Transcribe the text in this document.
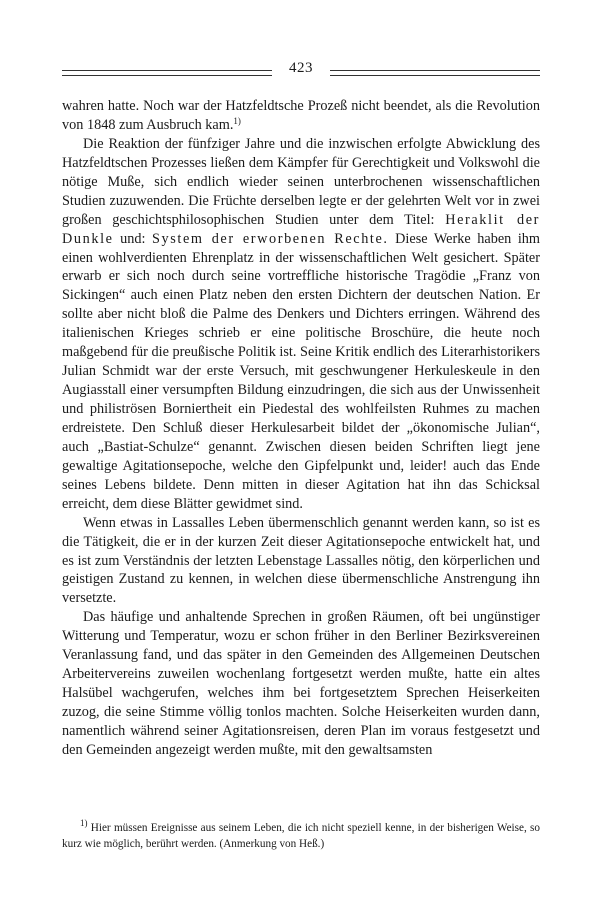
423

wahren hatte. Noch war der Hatzfeldtsche Prozeß nicht beendet, als die Revolution von 1848 zum Ausbruch kam.$^{1)}$

Die Reaktion der fünfziger Jahre und die inzwischen erfolgte Abwicklung des Hatzfeldtschen Prozesses ließen dem Kämpfer für Gerechtigkeit und Volkswohl die nötige Muße, sich endlich wieder seinen unterbrochenen wissenschaftlichen Studien zuzuwenden. Die Früchte derselben legte er der gelehrten Welt vor in zwei großen geschichtsphilosophischen Studien unter dem Titel: Heraklit der Dunkle und: System der erworbenen Rechte. Diese Werke haben ihm einen wohlverdienten Ehrenplatz in der wissenschaftlichen Welt gesichert. Später erwarb er sich noch durch seine vortreffliche historische Tragödie „Franz von Sickingen“ auch einen Platz neben den ersten Dichtern der deutschen Nation. Er sollte aber nicht bloß die Palme des Denkers und Dichters erringen. Während des italienischen Krieges schrieb er eine politische Broschüre, die heute noch maßgebend für die preußische Politik ist. Seine Kritik endlich des Literarhistorikers Julian Schmidt war der erste Versuch, mit geschwungener Herkuleskeule in den Augiasstall einer versumpften Bildung einzudringen, die sich aus der Unwissenheit und philiströsen Borniertheit ein Piedestal des wohlfeilsten Ruhmes zu machen erdreistete. Den Schluß dieser Herkulesarbeit bildet der „ökonomische Julian“, auch „Bastiat-Schulze“ genannt. Zwischen diesen beiden Schriften liegt jene gewaltige Agitationsepoche, welche den Gipfelpunkt und, leider! auch das Ende seines Lebens bildete. Denn mitten in dieser Agitation hat ihn das Schicksal erreicht, dem diese Blätter gewidmet sind.

Wenn etwas in Lassalles Leben übermenschlich genannt werden kann, so ist es die Tätigkeit, die er in der kurzen Zeit dieser Agitationsepoche entwickelt hat, und es ist zum Verständnis der letzten Lebenstage Lassalles nötig, den körperlichen und geistigen Zustand zu kennen, in welchen diese übermenschliche Anstrengung ihn versetzte.

Das häufige und anhaltende Sprechen in großen Räumen, oft bei ungünstiger Witterung und Temperatur, wozu er schon früher in den Berliner Bezirksvereinen Veranlassung fand, und das später in den Gemeinden des Allgemeinen Deutschen Arbeitervereins zuweilen wochenlang fortgesetzt werden mußte, hatte ein altes Halsübel wachgerufen, welches ihm bei fortgesetztem Sprechen Heiserkeiten zuzog, die seine Stimme völlig tonlos machten. Solche Heiserkeiten wurden dann, namentlich während seiner Agitationsreisen, deren Plan im voraus festgesetzt und den Gemeinden angezeigt werden mußte, mit den gewaltsamsten

$^{1)}$ Hier müssen Ereignisse aus seinem Leben, die ich nicht speziell kenne, in der bisherigen Weise, so kurz wie möglich, berührt werden. (Anmerkung von Heß.)
